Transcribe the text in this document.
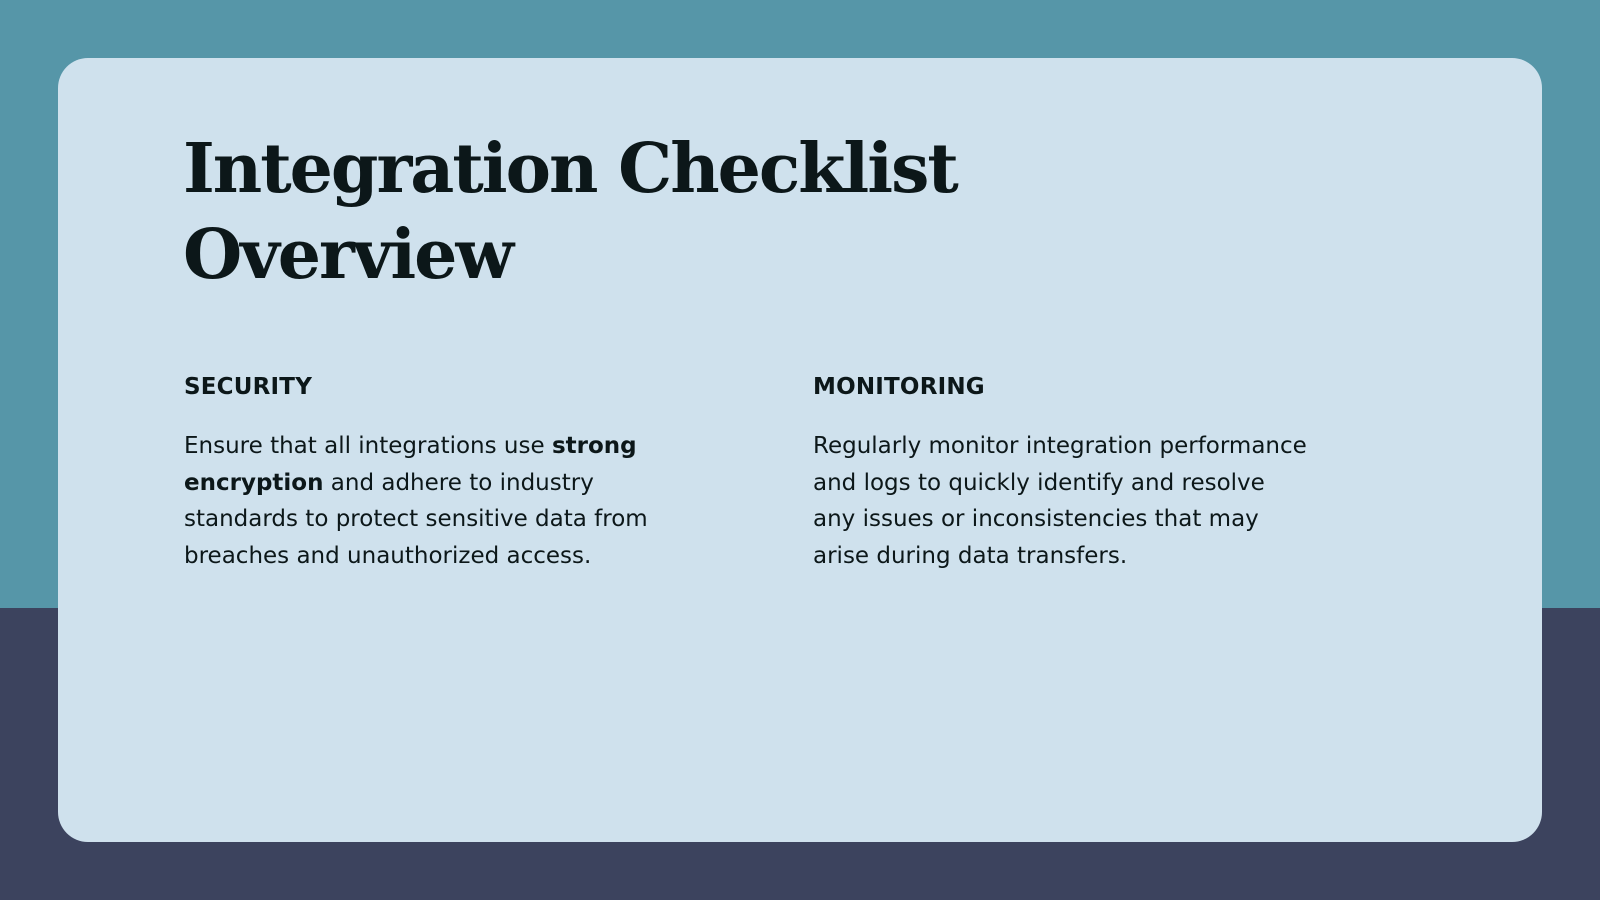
Integration Checklist
Overview
SECURITY

Ensure that all integrations use strong encryption and adhere to industry standards to protect sensitive data from breaches and unauthorized access.

MONITORING

Regularly monitor integration performance and logs to quickly identify and resolve any issues or inconsistencies that may arise during data transfers.
